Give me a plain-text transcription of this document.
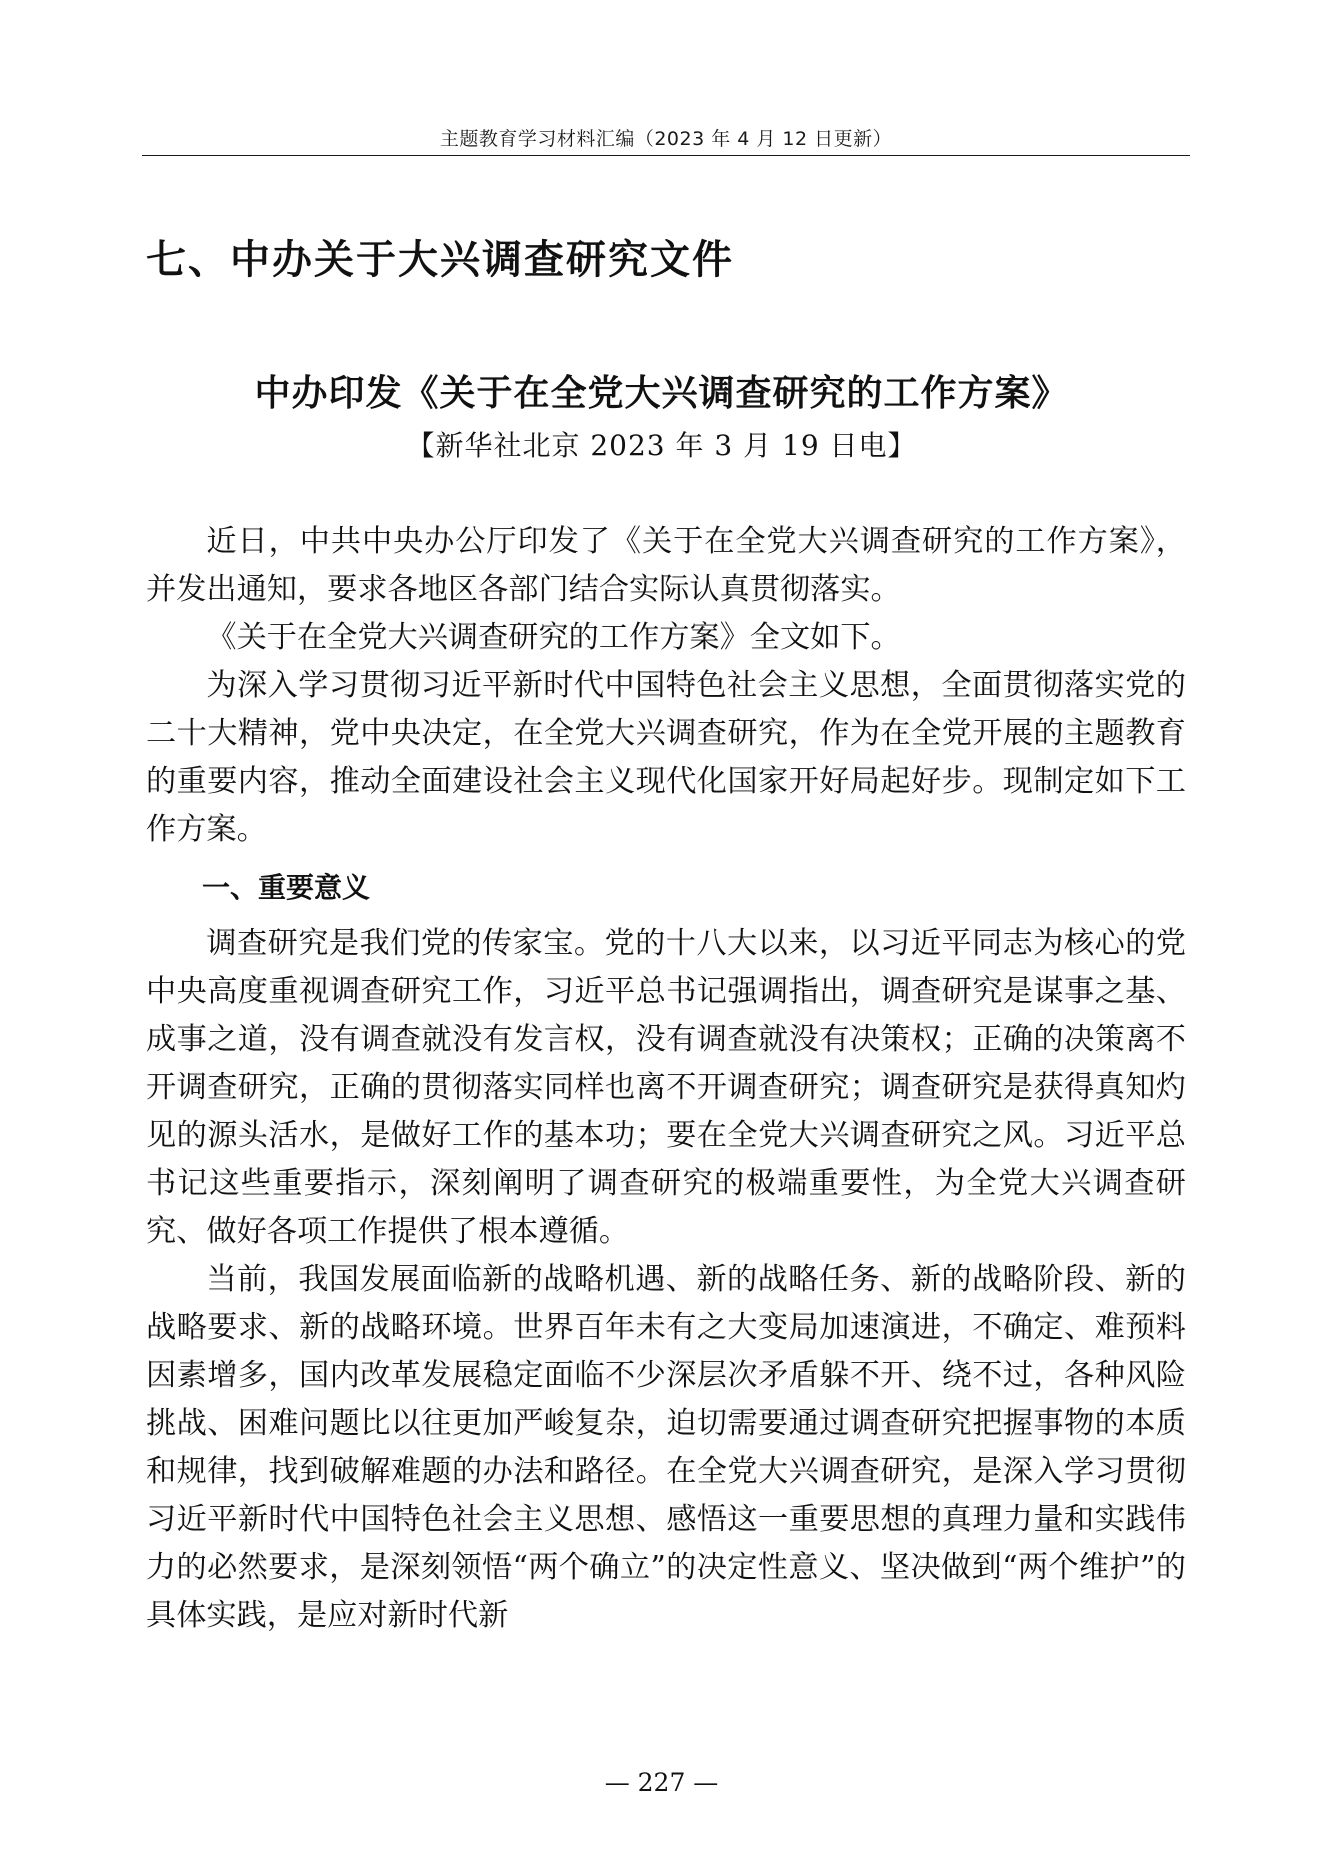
主题教育学习材料汇编（2023 年 4 月 12 日更新）
七、中办关于大兴调查研究文件
中办印发《关于在全党大兴调查研究的工作方案》
【新华社北京 2023 年 3 月 19 日电】

近日，中共中央办公厅印发了《关于在全党大兴调查研究的工作方案》，并发出通知，要求各地区各部门结合实际认真贯彻落实。

《关于在全党大兴调查研究的工作方案》全文如下。

为深入学习贯彻习近平新时代中国特色社会主义思想，全面贯彻落实党的二十大精神，党中央决定，在全党大兴调查研究，作为在全党开展的主题教育的重要内容，推动全面建设社会主义现代化国家开好局起好步。现制定如下工作方案。

一、重要意义

调查研究是我们党的传家宝。党的十八大以来，以习近平同志为核心的党中央高度重视调查研究工作，习近平总书记强调指出，调查研究是谋事之基、成事之道，没有调查就没有发言权，没有调查就没有决策权；正确的决策离不开调查研究，正确的贯彻落实同样也离不开调查研究；调查研究是获得真知灼见的源头活水，是做好工作的基本功；要在全党大兴调查研究之风。习近平总书记这些重要指示，深刻阐明了调查研究的极端重要性，为全党大兴调查研究、做好各项工作提供了根本遵循。

当前，我国发展面临新的战略机遇、新的战略任务、新的战略阶段、新的战略要求、新的战略环境。世界百年未有之大变局加速演进，不确定、难预料因素增多，国内改革发展稳定面临不少深层次矛盾躲不开、绕不过，各种风险挑战、困难问题比以往更加严峻复杂，迫切需要通过调查研究把握事物的本质和规律，找到破解难题的办法和路径。在全党大兴调查研究，是深入学习贯彻习近平新时代中国特色社会主义思想、感悟这一重要思想的真理力量和实践伟力的必然要求，是深刻领悟“两个确立”的决定性意义、坚决做到“两个维护”的具体实践，是应对新时代新

— 227 —
